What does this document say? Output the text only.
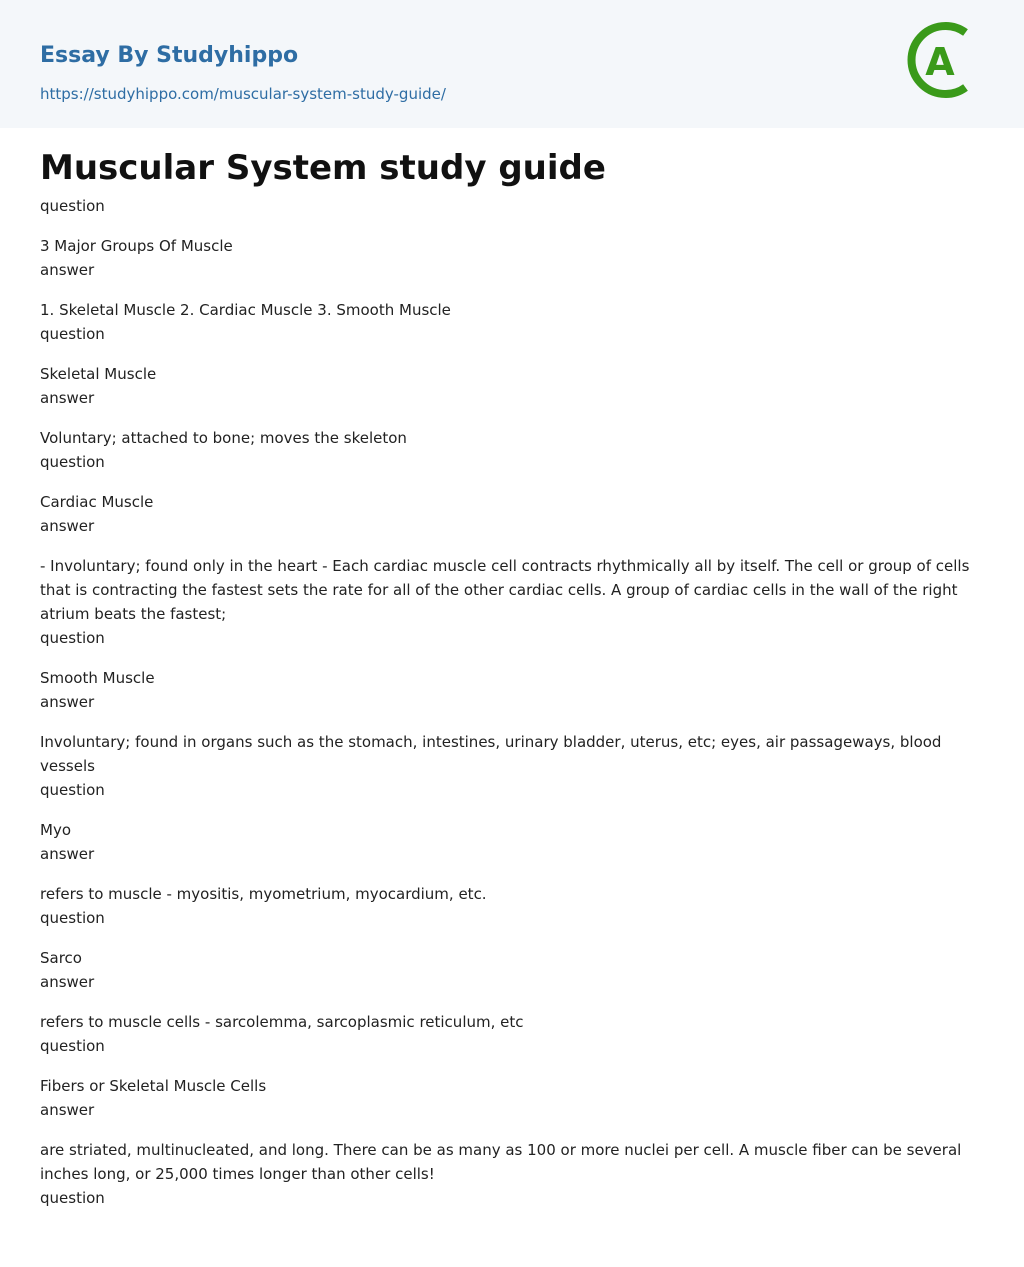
Essay By Studyhippo
https://studyhippo.com/muscular-system-study-guide/
A
Muscular System study guide
question
3 Major Groups Of Muscle
answer
1. Skeletal Muscle 2. Cardiac Muscle 3. Smooth Muscle
question
Skeletal Muscle
answer
Voluntary; attached to bone; moves the skeleton
question
Cardiac Muscle
answer
- Involuntary; found only in the heart - Each cardiac muscle cell contracts rhythmically all by itself. The cell or group of cells that is contracting the fastest sets the rate for all of the other cardiac cells. A group of cardiac cells in the wall of the right atrium beats the fastest;
question
Smooth Muscle
answer
Involuntary; found in organs such as the stomach, intestines, urinary bladder, uterus, etc; eyes, air passageways, blood vessels
question
Myo
answer
refers to muscle - myositis, myometrium, myocardium, etc.
question
Sarco
answer
refers to muscle cells - sarcolemma, sarcoplasmic reticulum, etc
question
Fibers or Skeletal Muscle Cells
answer
are striated, multinucleated, and long. There can be as many as 100 or more nuclei per cell. A muscle fiber can be several inches long, or 25,000 times longer than other cells!
question
